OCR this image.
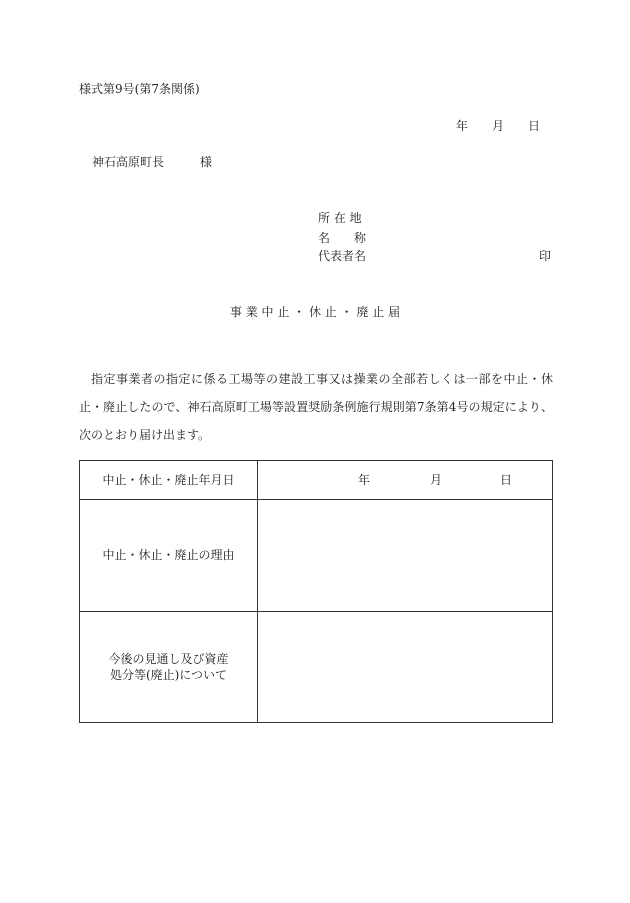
様式第9号(第7条関係)
年 月 日
神石高原町長	様
所 在 地
名　　称
代表者名	印
事 業 中 止 ・ 休 止 ・ 廃 止 届
指定事業者の指定に係る工場等の建設工事又は操業の全部若しくは一部を中止・休止・廃止したので、神石高原町工場等設置奨励条例施行規則第7条第4号の規定により、次のとおり届け出ます。
中止・休止・廃止年月日	年 月 日

中止・休止・廃止の理由	

今後の見通し及び資産
処分等(廃止)について	
